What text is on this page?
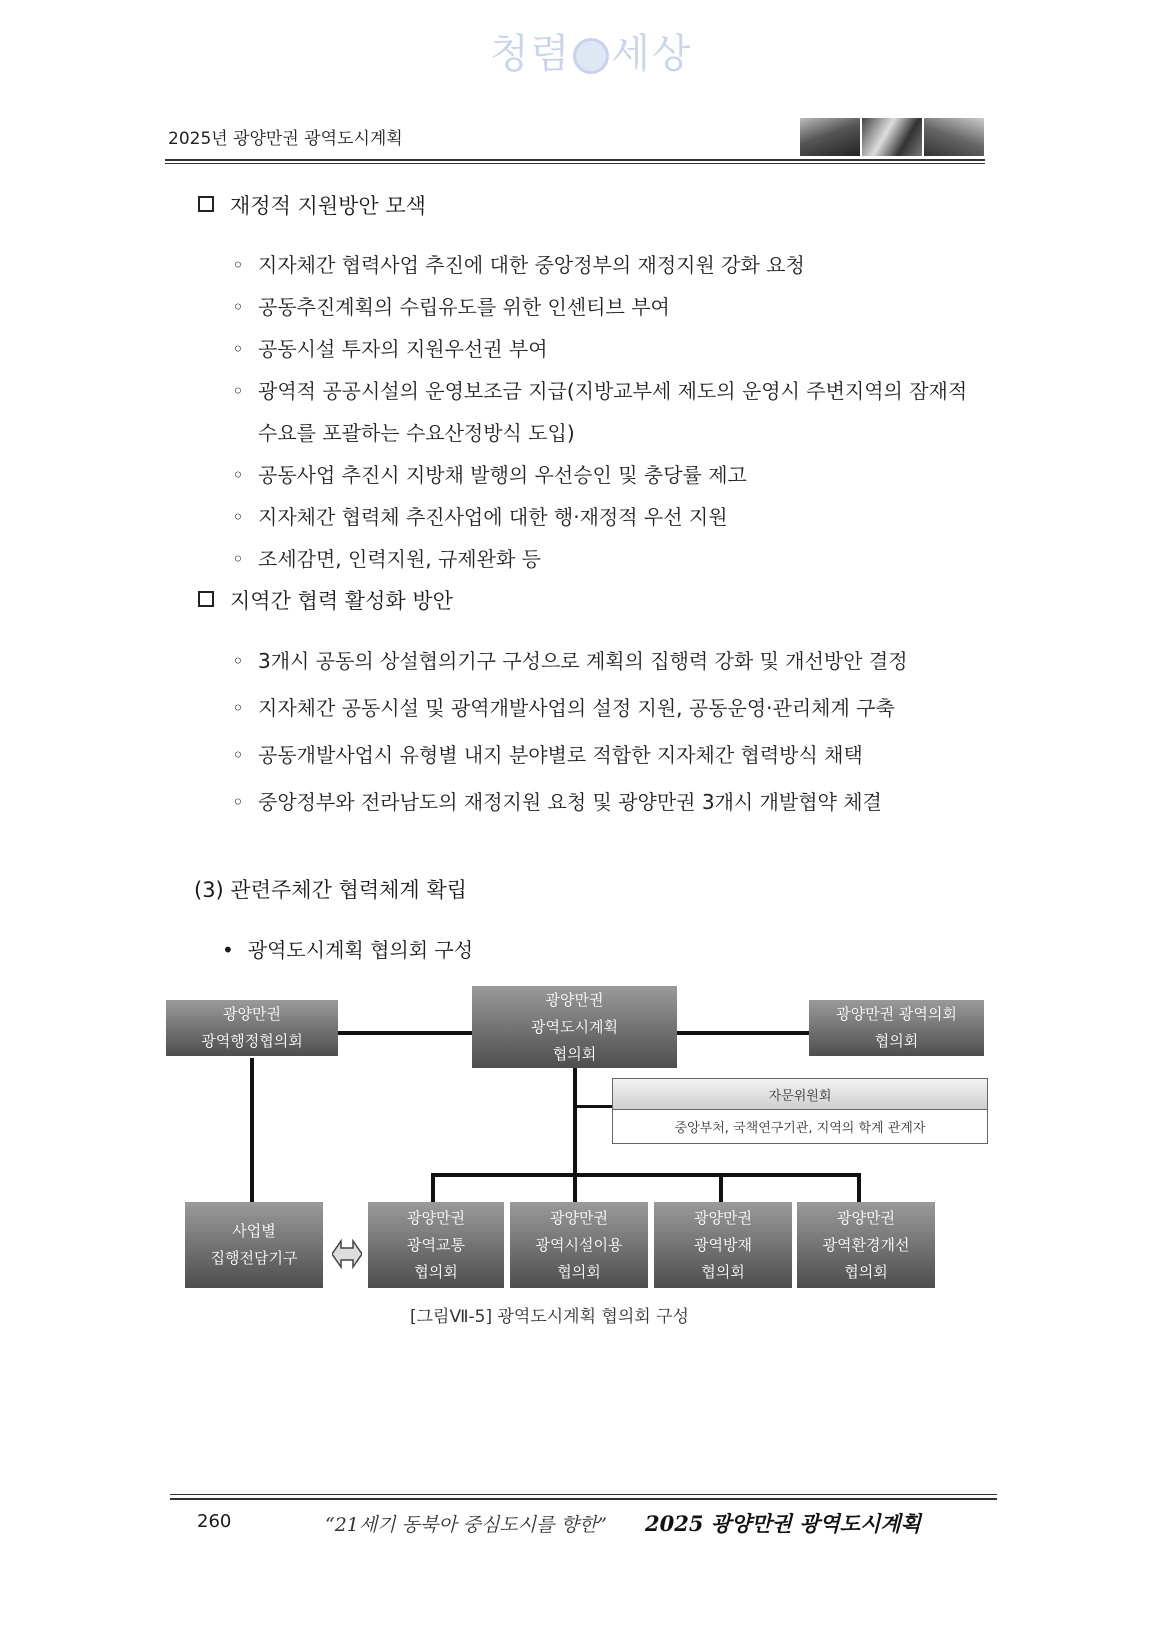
청렴 세상
2025년 광양만권 광역도시계획
재정적 지원방안 모색
◦ 지자체간 협력사업 추진에 대한 중앙정부의 재정지원 강화 요청
◦ 공동추진계획의 수립유도를 위한 인센티브 부여
◦ 공동시설 투자의 지원우선권 부여
◦ 광역적 공공시설의 운영보조금 지급(지방교부세 제도의 운영시 주변지역의 잠재적
수요를 포괄하는 수요산정방식 도입)
◦ 공동사업 추진시 지방채 발행의 우선승인 및 충당률 제고
◦ 지자체간 협력체 추진사업에 대한 행·재정적 우선 지원
◦ 조세감면, 인력지원, 규제완화 등
지역간 협력 활성화 방안
◦ 3개시 공동의 상설협의기구 구성으로 계획의 집행력 강화 및 개선방안 결정
◦ 지자체간 공동시설 및 광역개발사업의 설정 지원, 공동운영·관리체계 구축
◦ 공동개발사업시 유형별 내지 분야별로 적합한 지자체간 협력방식 채택
◦ 중앙정부와 전라남도의 재정지원 요청 및 광양만권 3개시 개발협약 체결
(3) 관련주체간 협력체계 확립
• 광역도시계획 협의회 구성
광양만권
광역행정협의회
광양만권
광역도시계획
협의회
광양만권 광역의회
협의회
자문위원회
중앙부처, 국책연구기관, 지역의 학계 관계자
사업별
집행전담기구
광양만권
광역교통
협의회
광양만권
광역시설이용
협의회
광양만권
광역방재
협의회
광양만권
광역환경개선
협의회
[그림Ⅶ-5] 광역도시계획 협의회 구성
260	“21세기 동북아 중심도시를 향한” 2025 광양만권 광역도시계획
